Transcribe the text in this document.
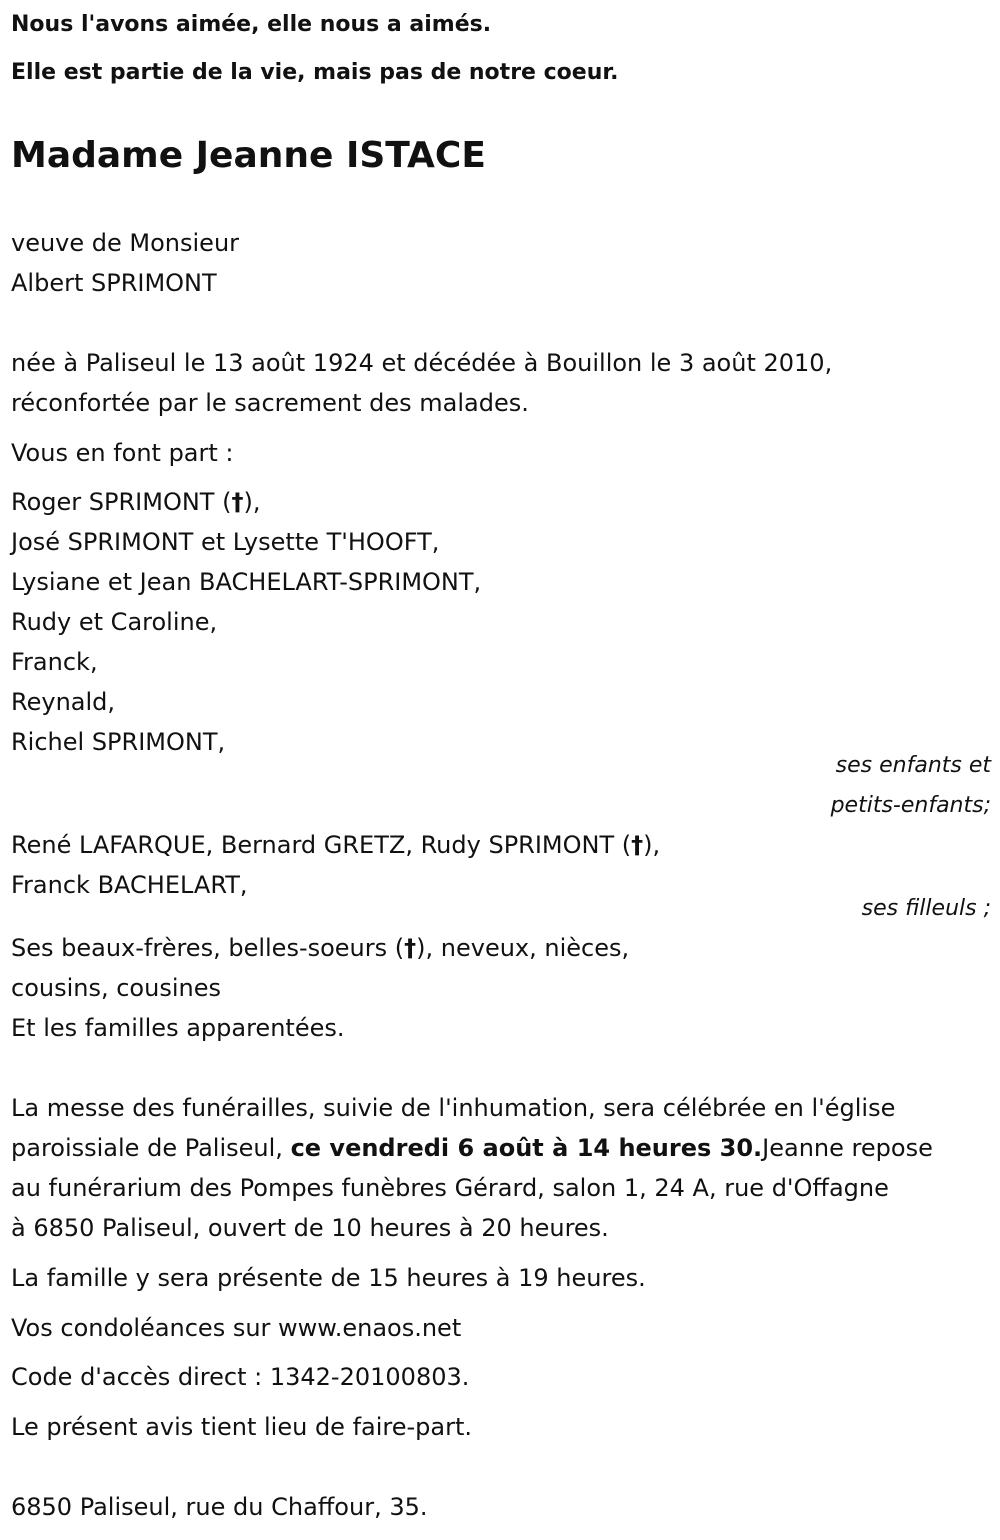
Nous l'avons aimée, elle nous a aimés.
Elle est partie de la vie, mais pas de notre coeur.
Madame Jeanne ISTACE
veuve de Monsieur
Albert SPRIMONT
née à Paliseul le 13 août 1924 et décédée à Bouillon le 3 août 2010,
réconfortée par le sacrement des malades.
Vous en font part :
Roger SPRIMONT (†),
José SPRIMONT et Lysette T'HOOFT,
Lysiane et Jean BACHELART-SPRIMONT,
Rudy et Caroline,
Franck,
Reynald,
Richel SPRIMONT,
ses enfants et
petits-enfants;
René LAFARQUE, Bernard GRETZ, Rudy SPRIMONT (†),
Franck BACHELART,
ses filleuls ;
Ses beaux-frères, belles-soeurs (†), neveux, nièces,
cousins, cousines
Et les familles apparentées.
La messe des funérailles, suivie de l'inhumation, sera célébrée en l'église
paroissiale de Paliseul, ce vendredi 6 août à 14 heures 30.Jeanne repose
au funérarium des Pompes funèbres Gérard, salon 1, 24 A, rue d'Offagne
à 6850 Paliseul, ouvert de 10 heures à 20 heures.
La famille y sera présente de 15 heures à 19 heures.
Vos condoléances sur www.enaos.net
Code d'accès direct : 1342-20100803.
Le présent avis tient lieu de faire-part.
6850 Paliseul, rue du Chaffour, 35.
